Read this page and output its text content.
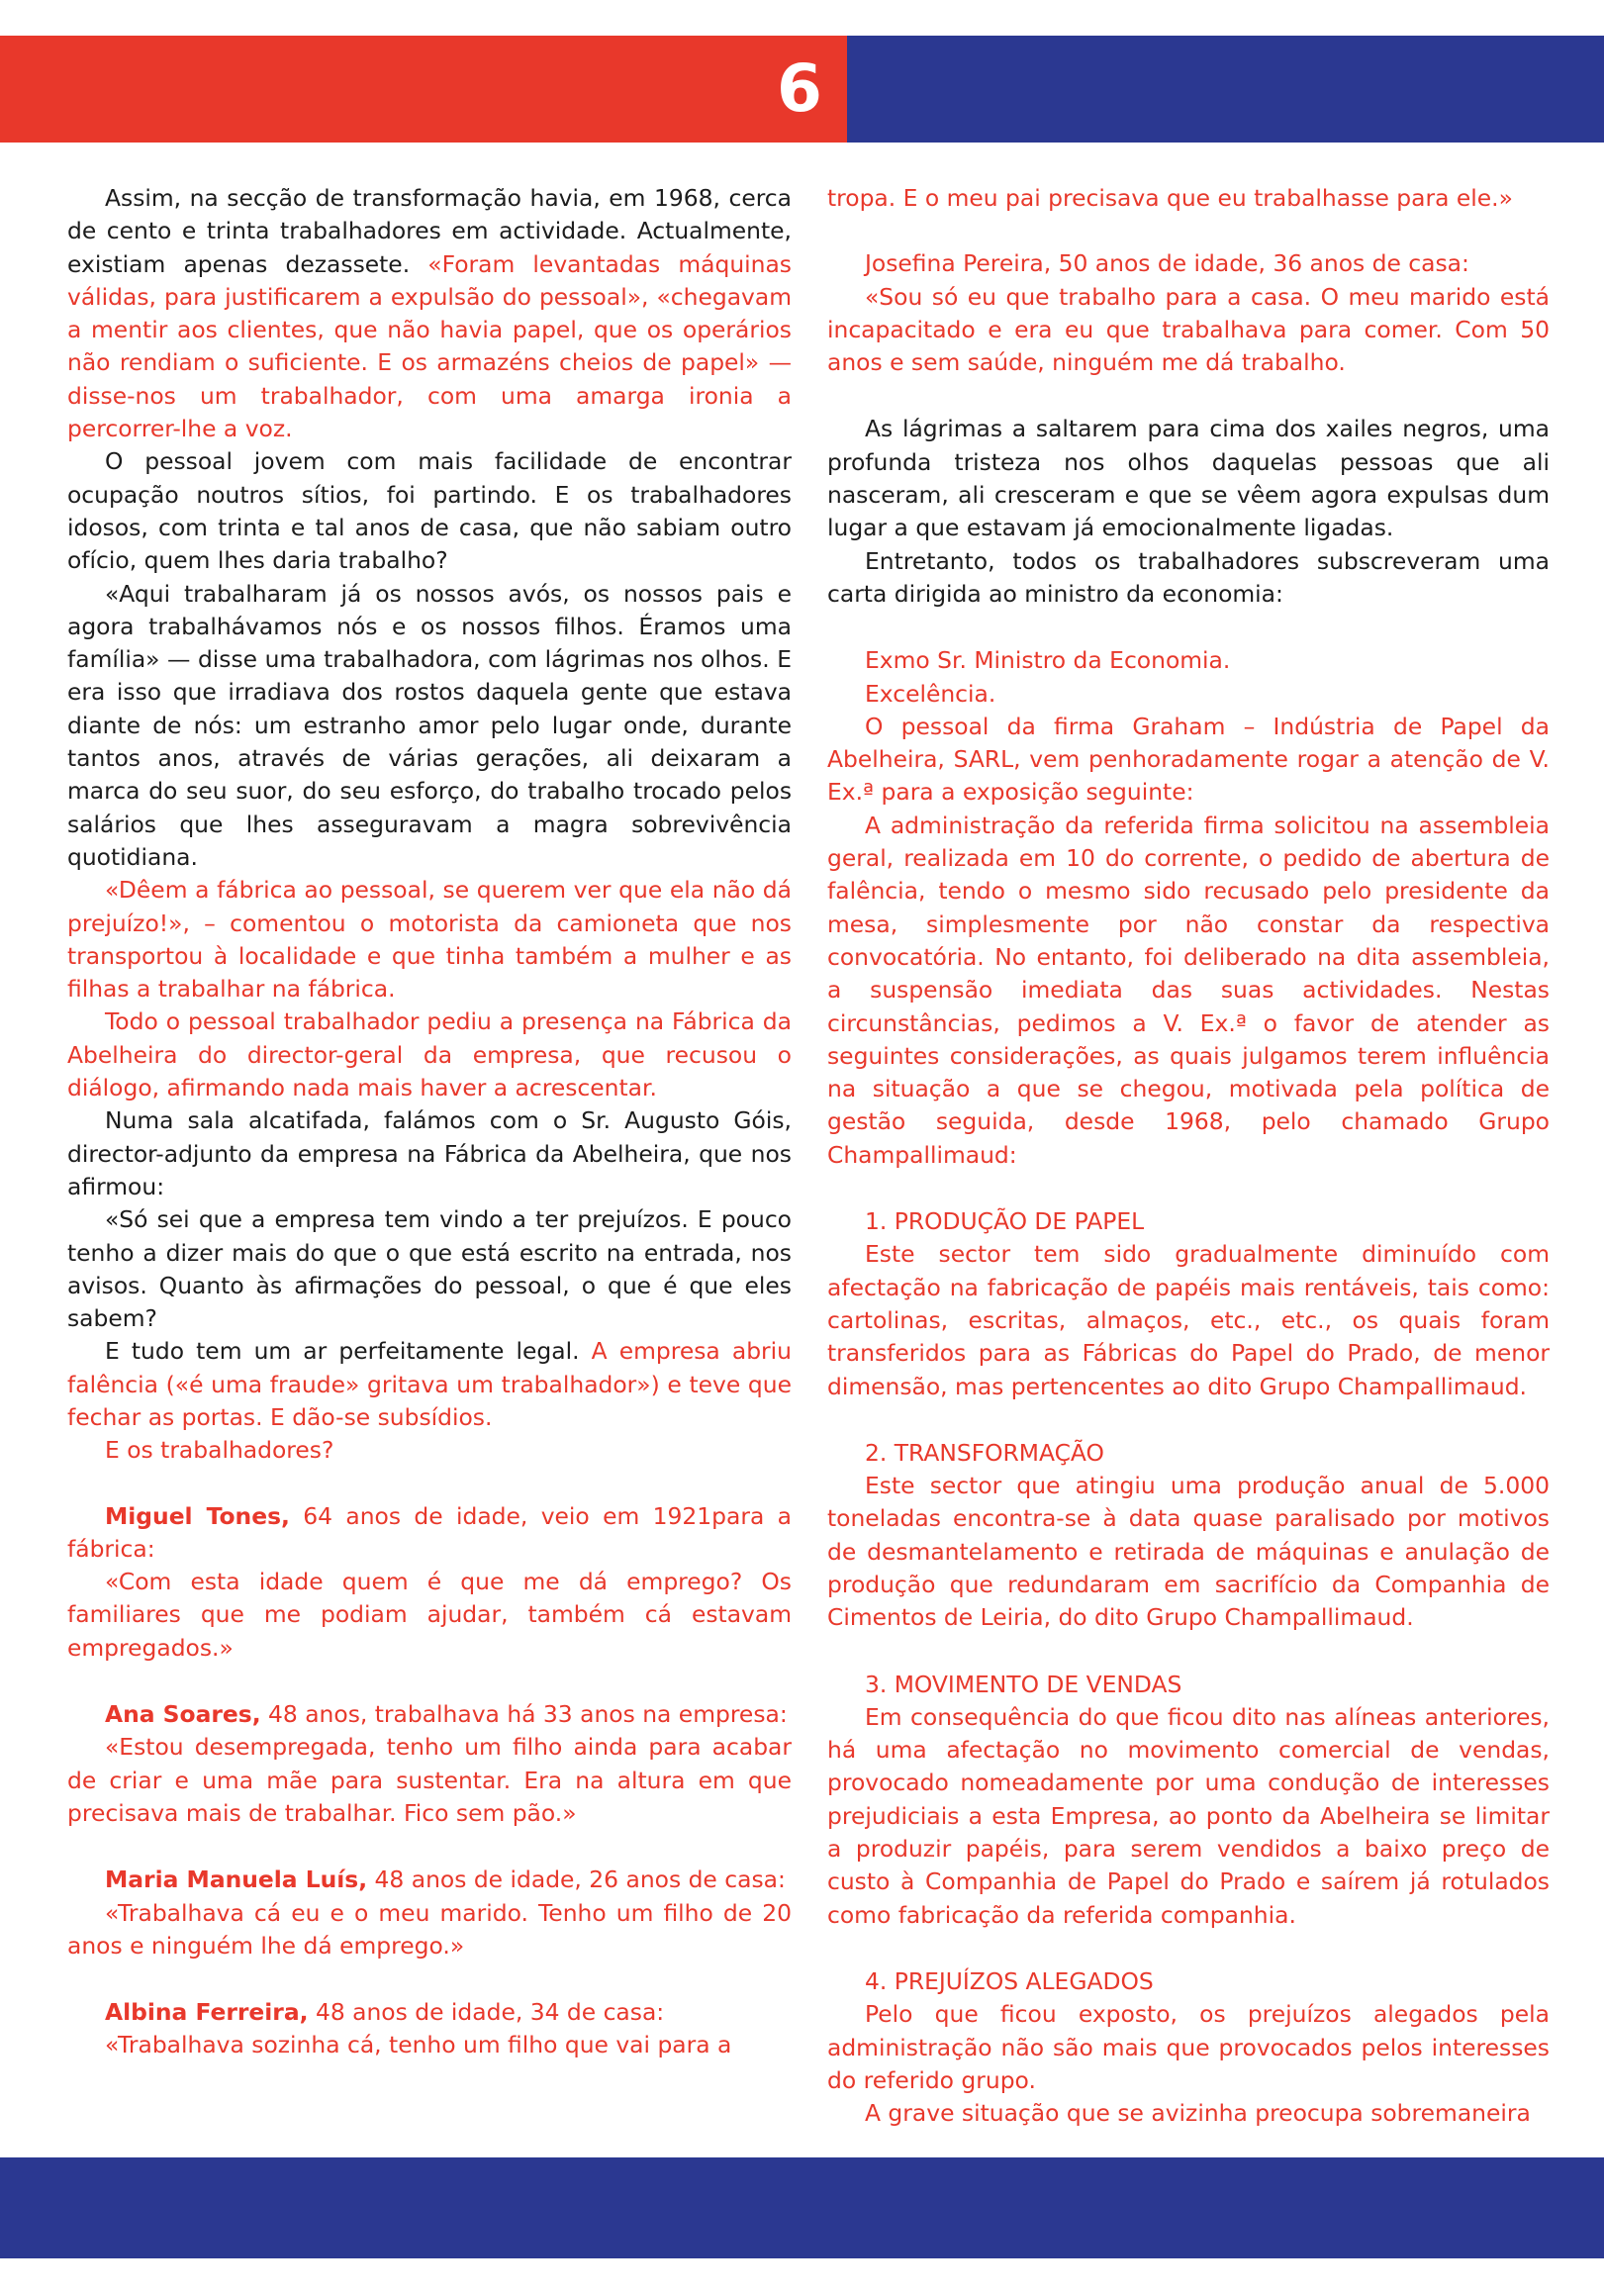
6

Assim, na secção de transformação havia, em 1968, cerca de cento e trinta trabalhadores em actividade. Actualmente, existiam apenas dezassete. «Foram levantadas máquinas válidas, para justificarem a expulsão do pessoal», «chegavam a mentir aos clientes, que não havia papel, que os operários não rendiam o suficiente. E os armazéns cheios de papel» — disse-nos um trabalhador, com uma amarga ironia a percorrer-lhe a voz.

O pessoal jovem com mais facilidade de encontrar ocupação noutros sítios, foi partindo. E os trabalhadores idosos, com trinta e tal anos de casa, que não sabiam outro ofício, quem lhes daria trabalho?

«Aqui trabalharam já os nossos avós, os nossos pais e agora trabalhávamos nós e os nossos filhos. Éramos uma família» — disse uma trabalhadora, com lágrimas nos olhos. E era isso que irradiava dos rostos daquela gente que estava diante de nós: um estranho amor pelo lugar onde, durante tantos anos, através de várias gerações, ali deixaram a marca do seu suor, do seu esforço, do trabalho trocado pelos salários que lhes asseguravam a magra sobrevivência quotidiana.

«Dêem a fábrica ao pessoal, se querem ver que ela não dá prejuízo!», – comentou o motorista da camioneta que nos transportou à localidade e que tinha também a mulher e as filhas a trabalhar na fábrica.

Todo o pessoal trabalhador pediu a presença na Fábrica da Abelheira do director-geral da empresa, que recusou o diálogo, afirmando nada mais haver a acrescentar.

Numa sala alcatifada, falámos com o Sr. Augusto Góis, director-adjunto da empresa na Fábrica da Abelheira, que nos afirmou:

«Só sei que a empresa tem vindo a ter prejuízos. E pouco tenho a dizer mais do que o que está escrito na entrada, nos avisos. Quanto às afirmações do pessoal, o que é que eles sabem?

E tudo tem um ar perfeitamente legal. A empresa abriu falência («é uma fraude» gritava um trabalhador») e teve que fechar as portas. E dão-se subsídios.

E os trabalhadores?

Miguel Tones, 64 anos de idade, veio em 1921para a fábrica:

«Com esta idade quem é que me dá emprego? Os familiares que me podiam ajudar, também cá estavam empregados.»

Ana Soares, 48 anos, trabalhava há 33 anos na empresa:

«Estou desempregada, tenho um filho ainda para acabar de criar e uma mãe para sustentar. Era na altura em que precisava mais de trabalhar. Fico sem pão.»

Maria Manuela Luís, 48 anos de idade, 26 anos de casa:

«Trabalhava cá eu e o meu marido. Tenho um filho de 20 anos e ninguém lhe dá emprego.»

Albina Ferreira, 48 anos de idade, 34 de casa:

«Trabalhava sozinha cá, tenho um filho que vai para a

tropa. E o meu pai precisava que eu trabalhasse para ele.»

Josefina Pereira, 50 anos de idade, 36 anos de casa:

«Sou só eu que trabalho para a casa. O meu marido está incapacitado e era eu que trabalhava para comer. Com 50 anos e sem saúde, ninguém me dá trabalho.

As lágrimas a saltarem para cima dos xailes negros, uma profunda tristeza nos olhos daquelas pessoas que ali nasceram, ali cresceram e que se vêem agora expulsas dum lugar a que estavam já emocionalmente ligadas.

Entretanto, todos os trabalhadores subscreveram uma carta dirigida ao ministro da economia:

Exmo Sr. Ministro da Economia.

Excelência.

O pessoal da firma Graham – Indústria de Papel da Abelheira, SARL, vem penhoradamente rogar a atenção de V. Ex.ª para a exposição seguinte:

A administração da referida firma solicitou na assembleia geral, realizada em 10 do corrente, o pedido de abertura de falência, tendo o mesmo sido recusado pelo presidente da mesa, simplesmente por não constar da respectiva convocatória. No entanto, foi deliberado na dita assembleia, a suspensão imediata das suas actividades. Nestas circunstâncias, pedimos a V. Ex.ª o favor de atender as seguintes considerações, as quais julgamos terem influência na situação a que se chegou, motivada pela política de gestão seguida, desde 1968, pelo chamado Grupo Champallimaud:

1. PRODUÇÃO DE PAPEL

Este sector tem sido gradualmente diminuído com afectação na fabricação de papéis mais rentáveis, tais como: cartolinas, escritas, almaços, etc., etc., os quais foram transferidos para as Fábricas do Papel do Prado, de menor dimensão, mas pertencentes ao dito Grupo Champallimaud.

2. TRANSFORMAÇÃO

Este sector que atingiu uma produção anual de 5.000 toneladas encontra-se à data quase paralisado por motivos de desmantelamento e retirada de máquinas e anulação de produção que redundaram em sacrifício da Companhia de Cimentos de Leiria, do dito Grupo Champallimaud.

3. MOVIMENTO DE VENDAS

Em consequência do que ficou dito nas alíneas anteriores, há uma afectação no movimento comercial de vendas, provocado nomeadamente por uma condução de interesses prejudiciais a esta Empresa, ao ponto da Abelheira se limitar a produzir papéis, para serem vendidos a baixo preço de custo à Companhia de Papel do Prado e saírem já rotulados como fabricação da referida companhia.

4. PREJUÍZOS ALEGADOS

Pelo que ficou exposto, os prejuízos alegados pela administração não são mais que provocados pelos interesses do referido grupo.

A grave situação que se avizinha preocupa sobremaneira
